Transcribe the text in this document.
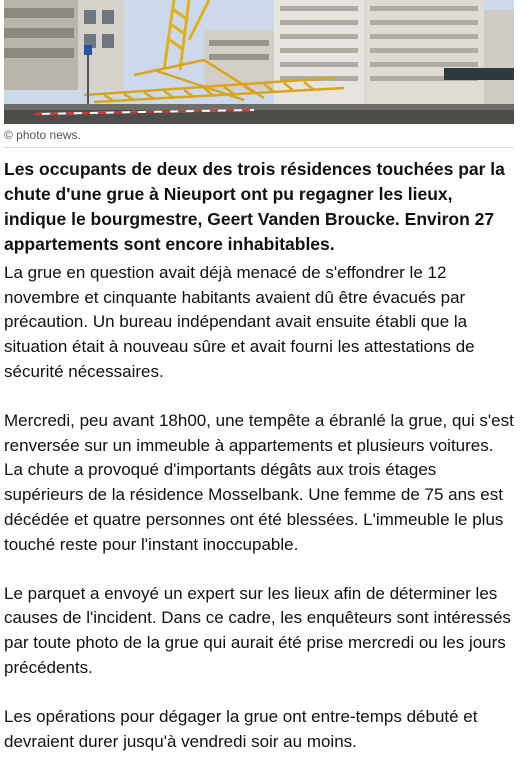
© photo news.

Les occupants de deux des trois résidences touchées par la chute d'une grue à Nieuport ont pu regagner les lieux, indique le bourgmestre, Geert Vanden Broucke. Environ 27 appartements sont encore inhabitables.

La grue en question avait déjà menacé de s'effondrer le 12 novembre et cinquante habitants avaient dû être évacués par précaution. Un bureau indépendant avait ensuite établi que la situation était à nouveau sûre et avait fourni les attestations de sécurité nécessaires.

Mercredi, peu avant 18h00, une tempête a ébranlé la grue, qui s'est renversée sur un immeuble à appartements et plusieurs voitures. La chute a provoqué d'importants dégâts aux trois étages supérieurs de la résidence Mosselbank. Une femme de 75 ans est décédée et quatre personnes ont été blessées. L'immeuble le plus touché reste pour l'instant inoccupable.

Le parquet a envoyé un expert sur les lieux afin de déterminer les causes de l'incident. Dans ce cadre, les enquêteurs sont intéressés par toute photo de la grue qui aurait été prise mercredi ou les jours précédents.

Les opérations pour dégager la grue ont entre-temps débuté et devraient durer jusqu'à vendredi soir au moins.
